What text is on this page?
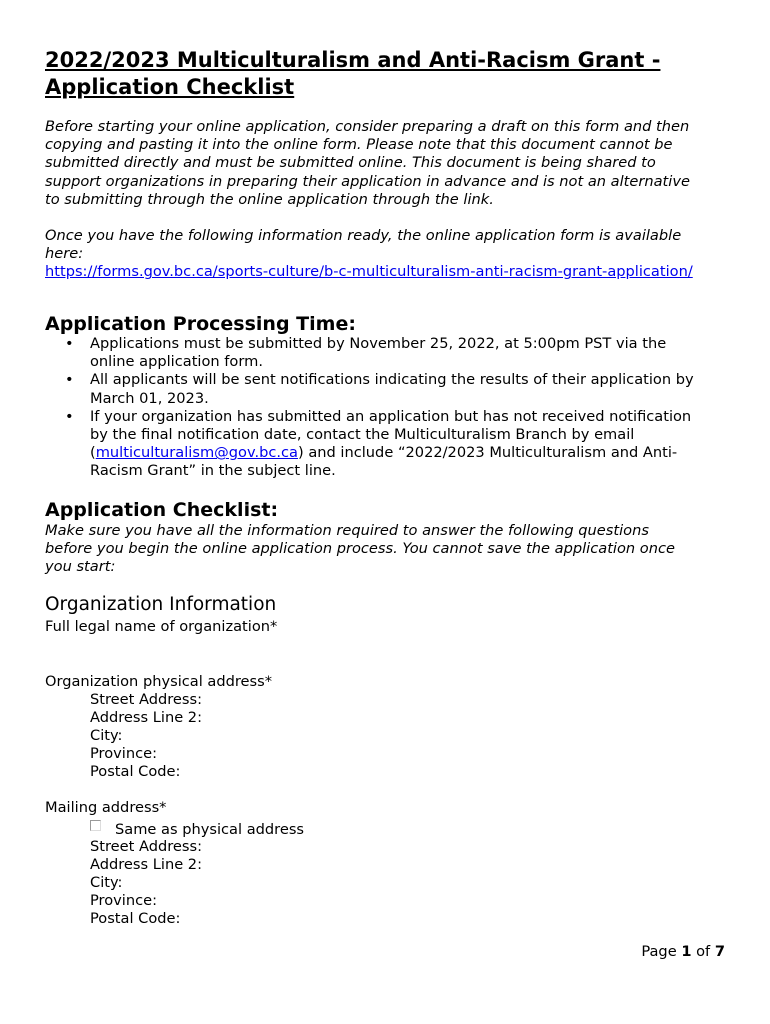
2022/2023 Multiculturalism and Anti-Racism Grant -
Application Checklist
Before starting your online application, consider preparing a draft on this form and then
copying and pasting it into the online form. Please note that this document cannot be
submitted directly and must be submitted online. This document is being shared to
support organizations in preparing their application in advance and is not an alternative
to submitting through the online application through the link.
Once you have the following information ready, the online application form is available
here:
https://forms.gov.bc.ca/sports-culture/b-c-multiculturalism-anti-racism-grant-application/
Application Processing Time:
• Applications must be submitted by November 25, 2022, at 5:00pm PST via the
online application form.
• All applicants will be sent notifications indicating the results of their application by
March 01, 2023.
• If your organization has submitted an application but has not received notification
by the final notification date, contact the Multiculturalism Branch by email
(multiculturalism@gov.bc.ca) and include “2022/2023 Multiculturalism and Anti-
Racism Grant” in the subject line.
Application Checklist:
Make sure you have all the information required to answer the following questions
before you begin the online application process. You cannot save the application once
you start:
Organization Information
Full legal name of organization*
Organization physical address*
Street Address:
Address Line 2:
City:
Province:
Postal Code:
Mailing address*
Same as physical address
Street Address:
Address Line 2:
City:
Province:
Postal Code:
Page 1 of 7
